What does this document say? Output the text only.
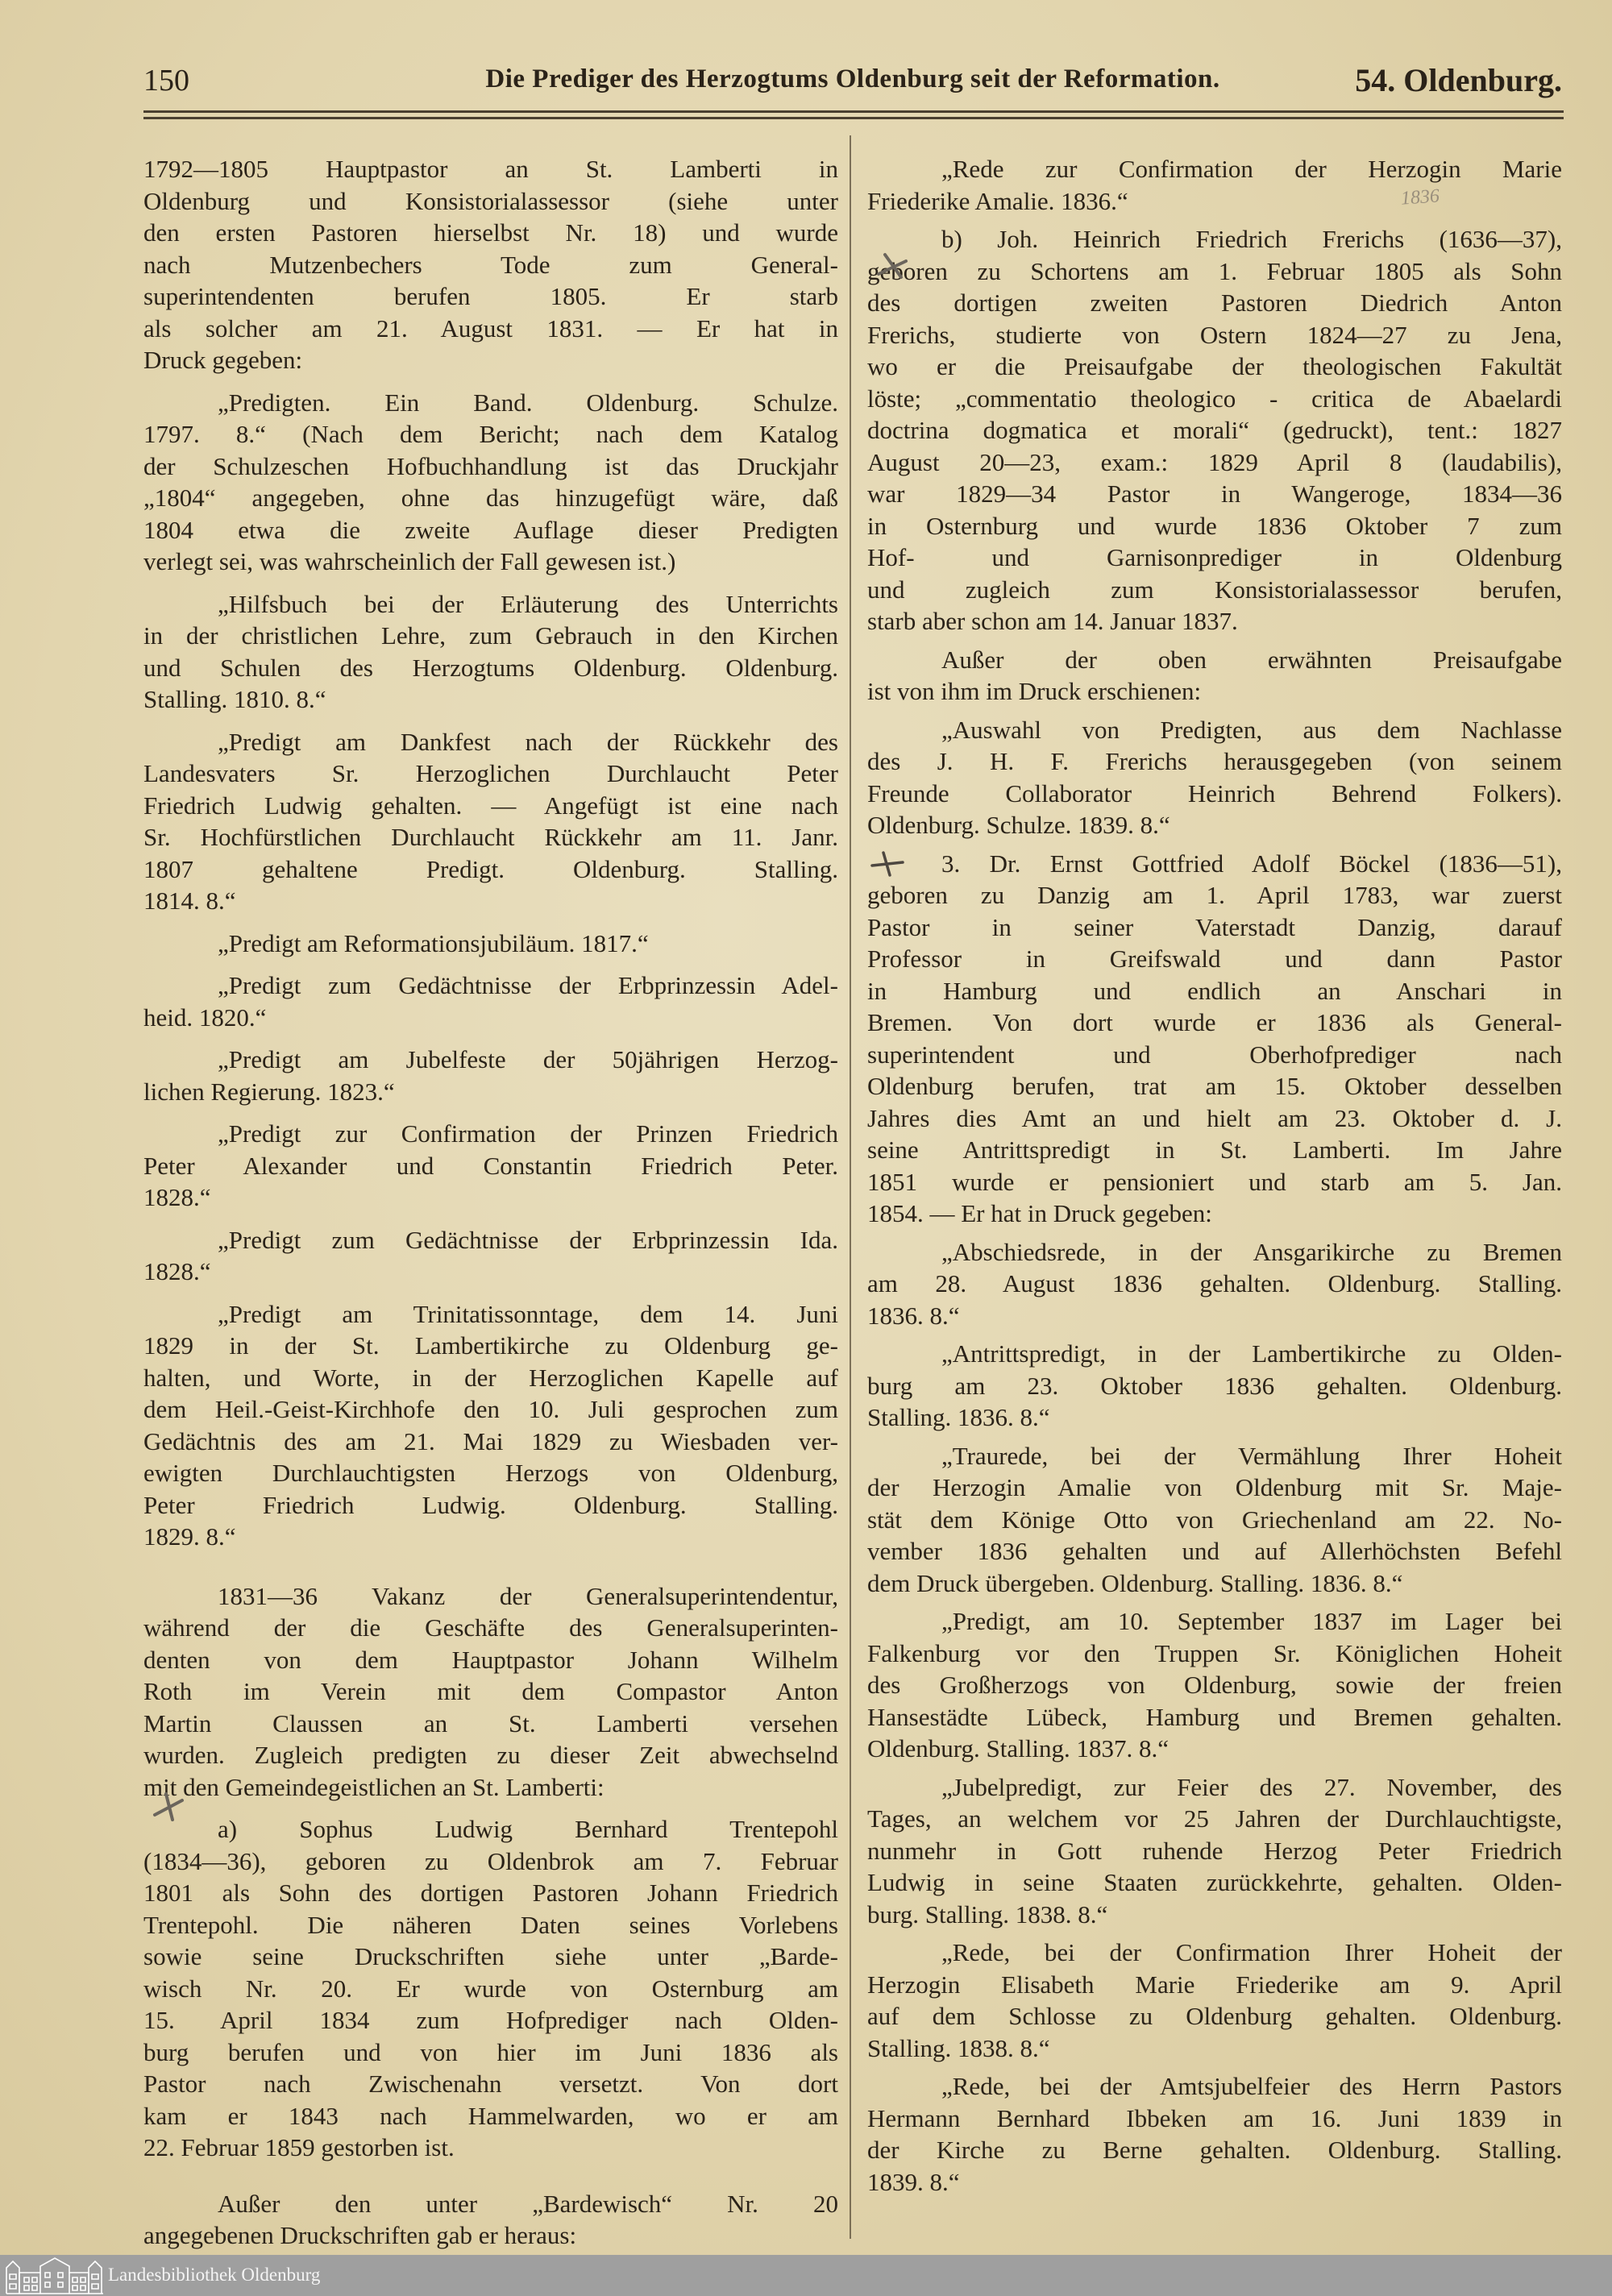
150	Die Prediger des Herzogtums Oldenburg seit der Reformation.	54. Oldenburg.
1792—1805 Hauptpastor an St. Lamberti in
Oldenburg und Konsistorialassessor (siehe unter
den ersten Pastoren hierselbst Nr. 18) und wurde
nach Mutzenbechers Tode zum General-
superintendenten berufen 1805. Er starb
als solcher am 21. August 1831. — Er hat in
Druck gegeben:
„Predigten. Ein Band. Oldenburg. Schulze.
1797. 8.“ (Nach dem Bericht; nach dem Katalog
der Schulzeschen Hofbuchhandlung ist das Druckjahr
„1804“ angegeben, ohne das hinzugefügt wäre, daß
1804 etwa die zweite Auflage dieser Predigten
verlegt sei, was wahrscheinlich der Fall gewesen ist.)
„Hilfsbuch bei der Erläuterung des Unterrichts
in der christlichen Lehre, zum Gebrauch in den Kirchen
und Schulen des Herzogtums Oldenburg. Oldenburg.
Stalling. 1810. 8.“
„Predigt am Dankfest nach der Rückkehr des
Landesvaters Sr. Herzoglichen Durchlaucht Peter
Friedrich Ludwig gehalten. — Angefügt ist eine nach
Sr. Hochfürstlichen Durchlaucht Rückkehr am 11. Janr.
1807 gehaltene Predigt. Oldenburg. Stalling.
1814. 8.“
„Predigt am Reformationsjubiläum. 1817.“
„Predigt zum Gedächtnisse der Erbprinzessin Adel-
heid. 1820.“
„Predigt am Jubelfeste der 50jährigen Herzog-
lichen Regierung. 1823.“
„Predigt zur Confirmation der Prinzen Friedrich
Peter Alexander und Constantin Friedrich Peter.
1828.“
„Predigt zum Gedächtnisse der Erbprinzessin Ida.
1828.“
„Predigt am Trinitatissonntage, dem 14. Juni
1829 in der St. Lambertikirche zu Oldenburg ge-
halten, und Worte, in der Herzoglichen Kapelle auf
dem Heil.-Geist-Kirchhofe den 10. Juli gesprochen zum
Gedächtnis des am 21. Mai 1829 zu Wiesbaden ver-
ewigten Durchlauchtigsten Herzogs von Oldenburg,
Peter Friedrich Ludwig. Oldenburg. Stalling.
1829. 8.“
1831—36 Vakanz der Generalsuperintendentur,
während der die Geschäfte des Generalsuperinten-
denten von dem Hauptpastor Johann Wilhelm
Roth im Verein mit dem Compastor Anton
Martin Claussen an St. Lamberti versehen
wurden. Zugleich predigten zu dieser Zeit abwechselnd
mit den Gemeindegeistlichen an St. Lamberti:
a) Sophus Ludwig Bernhard Trentepohl
(1834—36), geboren zu Oldenbrok am 7. Februar
1801 als Sohn des dortigen Pastoren Johann Friedrich
Trentepohl. Die näheren Daten seines Vorlebens
sowie seine Druckschriften siehe unter „Barde-
wisch Nr. 20. Er wurde von Osternburg am
15. April 1834 zum Hofprediger nach Olden-
burg berufen und von hier im Juni 1836 als
Pastor nach Zwischenahn versetzt. Von dort
kam er 1843 nach Hammelwarden, wo er am
22. Februar 1859 gestorben ist.
Außer den unter „Bardewisch“ Nr. 20
angegebenen Druckschriften gab er heraus:
„Rede zur Confirmation der Herzogin Marie
Friederike Amalie. 1836.“
b) Joh. Heinrich Friedrich Frerichs (1636—37),
geboren zu Schortens am 1. Februar 1805 als Sohn
des dortigen zweiten Pastoren Diedrich Anton
Frerichs, studierte von Ostern 1824—27 zu Jena,
wo er die Preisaufgabe der theologischen Fakultät
löste; „commentatio theologico - critica de Abaelardi
doctrina dogmatica et morali“ (gedruckt), tent.: 1827
August 20—23, exam.: 1829 April 8 (laudabilis),
war 1829—34 Pastor in Wangeroge, 1834—36
in Osternburg und wurde 1836 Oktober 7 zum
Hof- und Garnisonprediger in Oldenburg
und zugleich zum Konsistorialassessor berufen,
starb aber schon am 14. Januar 1837.
Außer der oben erwähnten Preisaufgabe
ist von ihm im Druck erschienen:
„Auswahl von Predigten, aus dem Nachlasse
des J. H. F. Frerichs herausgegeben (von seinem
Freunde Collaborator Heinrich Behrend Folkers).
Oldenburg. Schulze. 1839. 8.“
3. Dr. Ernst Gottfried Adolf Böckel (1836—51),
geboren zu Danzig am 1. April 1783, war zuerst
Pastor in seiner Vaterstadt Danzig, darauf
Professor in Greifswald und dann Pastor
in Hamburg und endlich an Anschari in
Bremen. Von dort wurde er 1836 als General-
superintendent und Oberhofprediger nach
Oldenburg berufen, trat am 15. Oktober desselben
Jahres dies Amt an und hielt am 23. Oktober d. J.
seine Antrittspredigt in St. Lamberti. Im Jahre
1851 wurde er pensioniert und starb am 5. Jan.
1854. — Er hat in Druck gegeben:
„Abschiedsrede, in der Ansgarikirche zu Bremen
am 28. August 1836 gehalten. Oldenburg. Stalling.
1836. 8.“
„Antrittspredigt, in der Lambertikirche zu Olden-
burg am 23. Oktober 1836 gehalten. Oldenburg.
Stalling. 1836. 8.“
„Traurede, bei der Vermählung Ihrer Hoheit
der Herzogin Amalie von Oldenburg mit Sr. Maje-
stät dem Könige Otto von Griechenland am 22. No-
vember 1836 gehalten und auf Allerhöchsten Befehl
dem Druck übergeben. Oldenburg. Stalling. 1836. 8.“
„Predigt, am 10. September 1837 im Lager bei
Falkenburg vor den Truppen Sr. Königlichen Hoheit
des Großherzogs von Oldenburg, sowie der freien
Hansestädte Lübeck, Hamburg und Bremen gehalten.
Oldenburg. Stalling. 1837. 8.“
„Jubelpredigt, zur Feier des 27. November, des
Tages, an welchem vor 25 Jahren der Durchlauchtigste,
nunmehr in Gott ruhende Herzog Peter Friedrich
Ludwig in seine Staaten zurückkehrte, gehalten. Olden-
burg. Stalling. 1838. 8.“
„Rede, bei der Confirmation Ihrer Hoheit der
Herzogin Elisabeth Marie Friederike am 9. April
auf dem Schlosse zu Oldenburg gehalten. Oldenburg.
Stalling. 1838. 8.“
„Rede, bei der Amtsjubelfeier des Herrn Pastors
Hermann Bernhard Ibbeken am 16. Juni 1839 in
der Kirche zu Berne gehalten. Oldenburg. Stalling.
1839. 8.“
1836
Landesbibliothek Oldenburg
